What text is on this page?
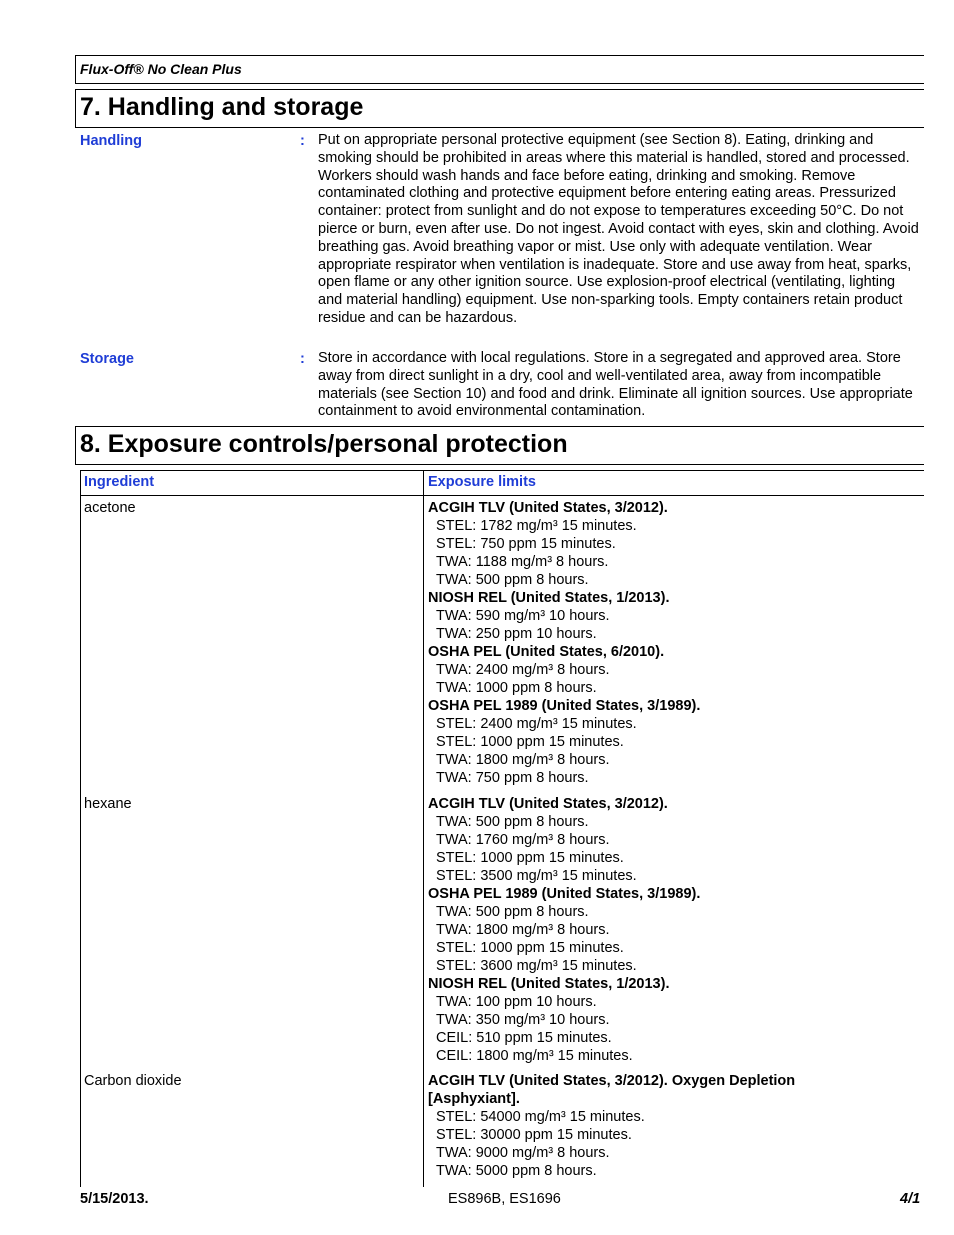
Flux-Off® No Clean Plus
7. Handling and storage
Handling	: Put on appropriate personal protective equipment (see Section 8). Eating, drinking and smoking should be prohibited in areas where this material is handled, stored and processed. Workers should wash hands and face before eating, drinking and smoking. Remove contaminated clothing and protective equipment before entering eating areas. Pressurized container: protect from sunlight and do not expose to temperatures exceeding 50°C. Do not pierce or burn, even after use. Do not ingest. Avoid contact with eyes, skin and clothing. Avoid breathing gas. Avoid breathing vapor or mist. Use only with adequate ventilation. Wear appropriate respirator when ventilation is inadequate. Store and use away from heat, sparks, open flame or any other ignition source. Use explosion-proof electrical (ventilating, lighting and material handling) equipment. Use non-sparking tools. Empty containers retain product residue and can be hazardous.
Storage	: Store in accordance with local regulations. Store in a segregated and approved area. Store away from direct sunlight in a dry, cool and well-ventilated area, away from incompatible materials (see Section 10) and food and drink. Eliminate all ignition sources. Use appropriate containment to avoid environmental contamination.
8. Exposure controls/personal protection
Ingredient	Exposure limits
acetone	ACGIH TLV (United States, 3/2012).
STEL: 1782 mg/m³ 15 minutes.
STEL: 750 ppm 15 minutes.
TWA: 1188 mg/m³ 8 hours.
TWA: 500 ppm 8 hours.
NIOSH REL (United States, 1/2013).
TWA: 590 mg/m³ 10 hours.
TWA: 250 ppm 10 hours.
OSHA PEL (United States, 6/2010).
TWA: 2400 mg/m³ 8 hours.
TWA: 1000 ppm 8 hours.
OSHA PEL 1989 (United States, 3/1989).
STEL: 2400 mg/m³ 15 minutes.
STEL: 1000 ppm 15 minutes.
TWA: 1800 mg/m³ 8 hours.
TWA: 750 ppm 8 hours.
hexane	ACGIH TLV (United States, 3/2012).
TWA: 500 ppm 8 hours.
TWA: 1760 mg/m³ 8 hours.
STEL: 1000 ppm 15 minutes.
STEL: 3500 mg/m³ 15 minutes.
OSHA PEL 1989 (United States, 3/1989).
TWA: 500 ppm 8 hours.
TWA: 1800 mg/m³ 8 hours.
STEL: 1000 ppm 15 minutes.
STEL: 3600 mg/m³ 15 minutes.
NIOSH REL (United States, 1/2013).
TWA: 100 ppm 10 hours.
TWA: 350 mg/m³ 10 hours.
CEIL: 510 ppm 15 minutes.
CEIL: 1800 mg/m³ 15 minutes.
Carbon dioxide	ACGIH TLV (United States, 3/2012). Oxygen Depletion
[Asphyxiant].
STEL: 54000 mg/m³ 15 minutes.
STEL: 30000 ppm 15 minutes.
TWA: 9000 mg/m³ 8 hours.
TWA: 5000 ppm 8 hours.
5/15/2013.	ES896B, ES1696	4/1
